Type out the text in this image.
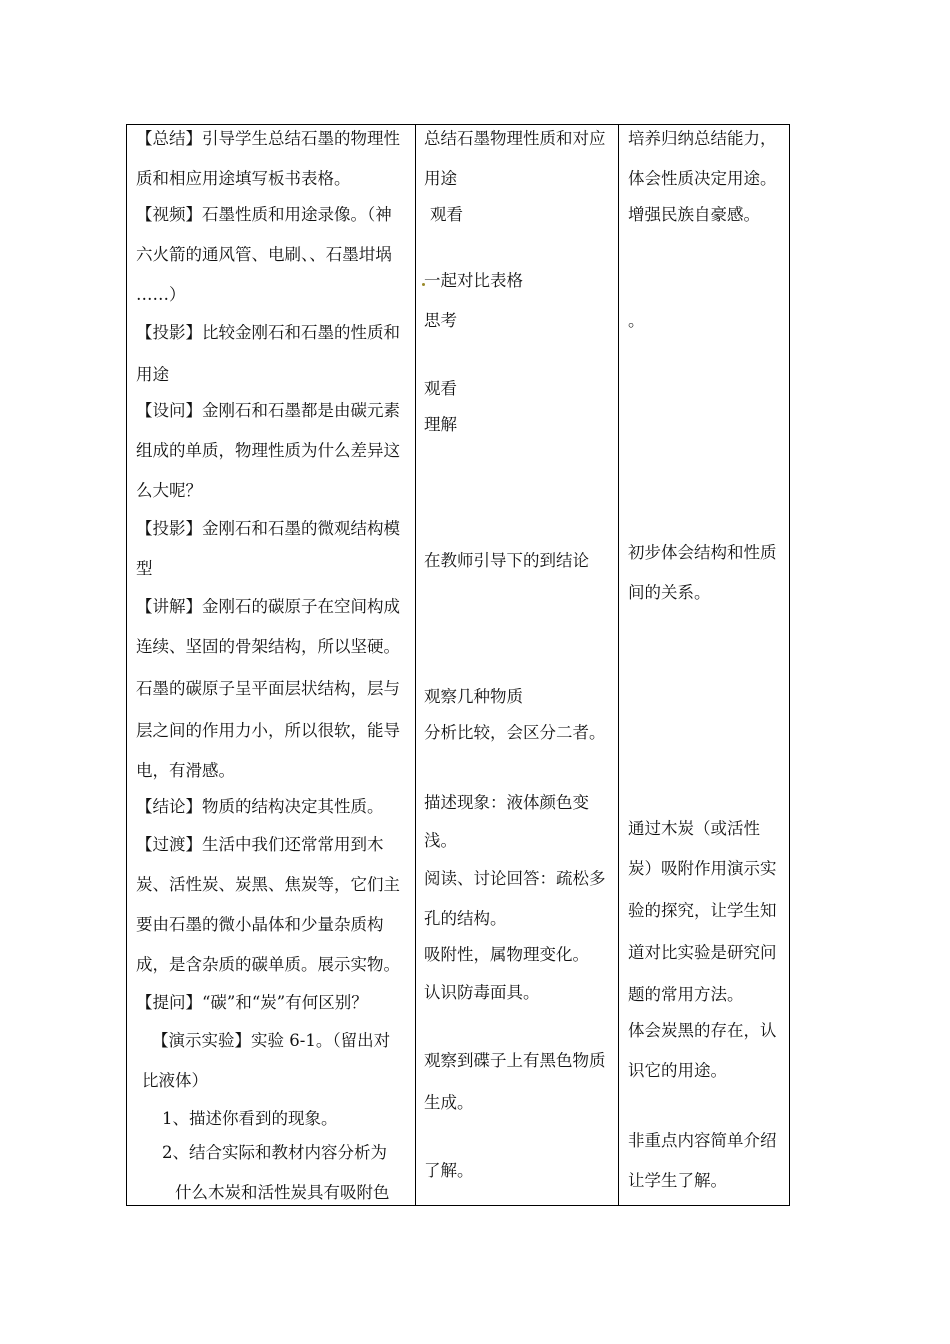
【总结】引导学生总结石墨的物理性
质和相应用途填写板书表格。
【视频】石墨性质和用途录像。（神
六火箭的通风管、电刷、、石墨坩埚
……）
【投影】比较金刚石和石墨的性质和
用途
【设问】金刚石和石墨都是由碳元素
组成的单质，物理性质为什么差异这
么大呢？
【投影】金刚石和石墨的微观结构模
型
【讲解】金刚石的碳原子在空间构成
连续、坚固的骨架结构，所以坚硬。
石墨的碳原子呈平面层状结构，层与
层之间的作用力小，所以很软，能导
电，有滑感。
【结论】物质的结构决定其性质。
【过渡】生活中我们还常常用到木
炭、活性炭、炭黑、焦炭等，它们主
要由石墨的微小晶体和少量杂质构
成，是含杂质的碳单质。展示实物。
【提问】“碳”和“炭”有何区别？
【演示实验】实验 6-1。（留出对
比液体）
1、描述你看到的现象。
2、结合实际和教材内容分析为
什么木炭和活性炭具有吸附色
总结石墨物理性质和对应
用途
观看
一起对比表格
思考
观看
理解
在教师引导下的到结论
观察几种物质
分析比较，会区分二者。
描述现象：液体颜色变
浅。
阅读、讨论回答：疏松多
孔的结构。
吸附性，属物理变化。
认识防毒面具。
观察到碟子上有黑色物质
生成。
了解。
培养归纳总结能力，
体会性质决定用途。
增强民族自豪感。
。
初步体会结构和性质
间的关系。
通过木炭（或活性
炭）吸附作用演示实
验的探究，让学生知
道对比实验是研究问
题的常用方法。
体会炭黑的存在，认
识它的用途。
非重点内容简单介绍
让学生了解。
